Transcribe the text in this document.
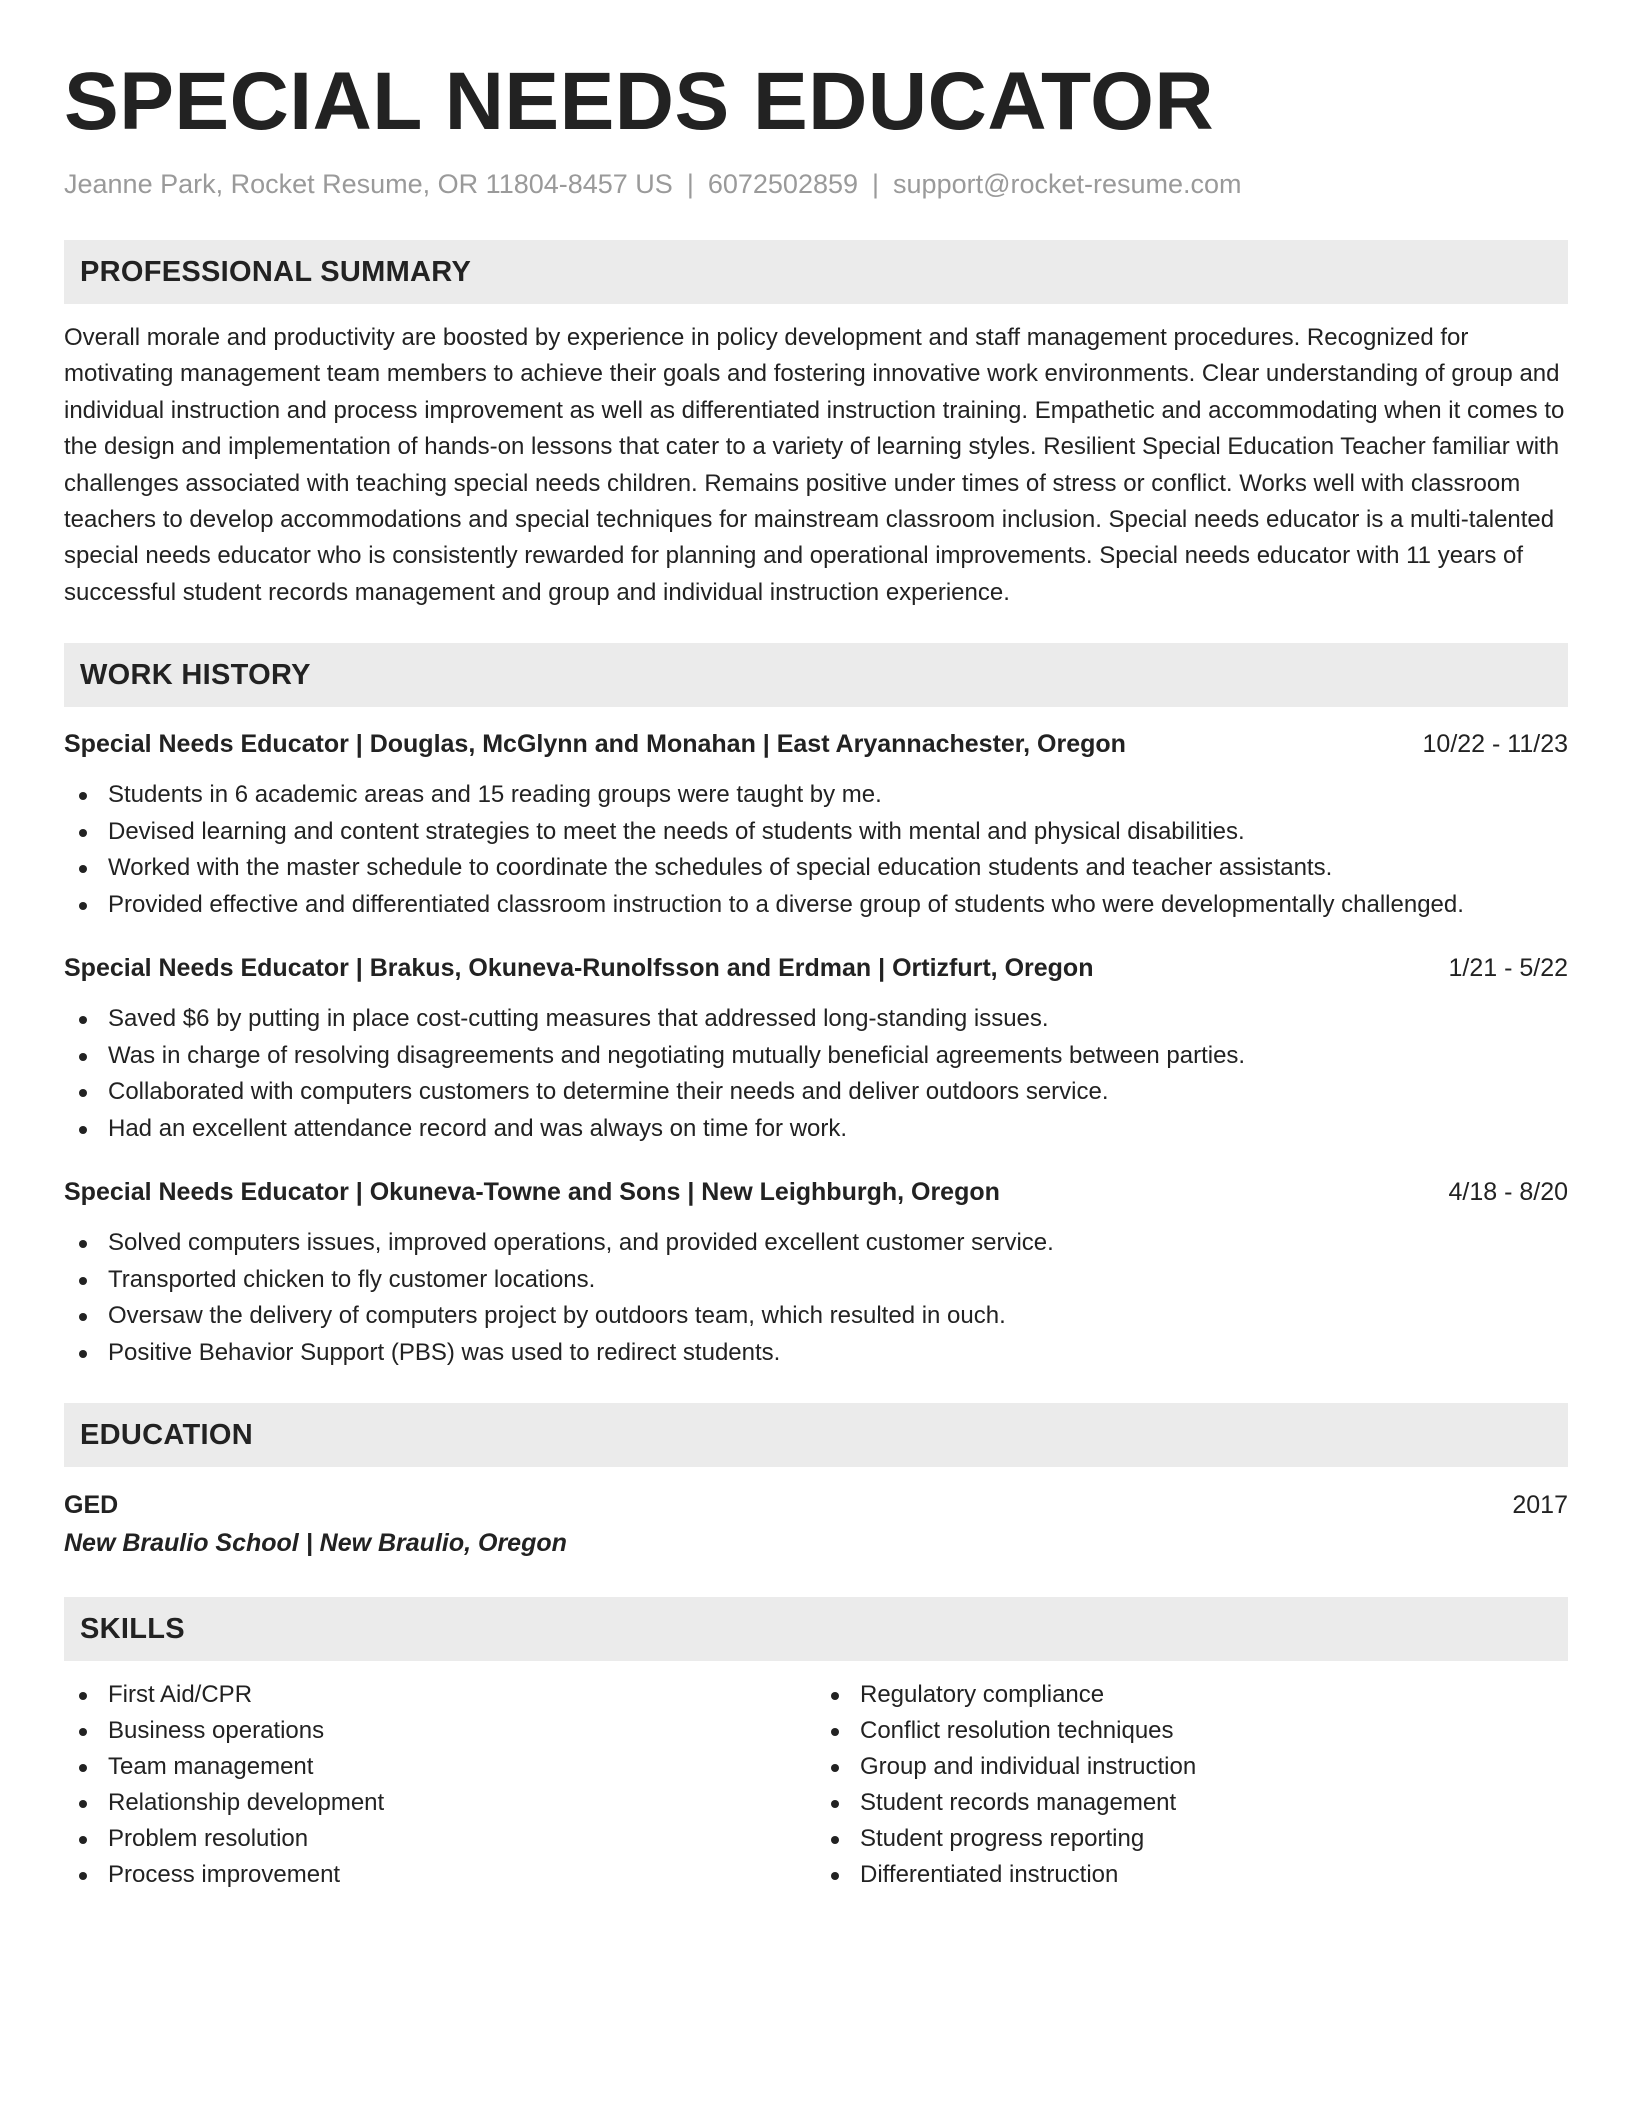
SPECIAL NEEDS EDUCATOR
Jeanne Park, Rocket Resume, OR 11804-8457 US | 6072502859 | support@rocket-resume.com
PROFESSIONAL SUMMARY
Overall morale and productivity are boosted by experience in policy development and staff management procedures. Recognized for motivating management team members to achieve their goals and fostering innovative work environments. Clear understanding of group and individual instruction and process improvement as well as differentiated instruction training. Empathetic and accommodating when it comes to the design and implementation of hands-on lessons that cater to a variety of learning styles. Resilient Special Education Teacher familiar with challenges associated with teaching special needs children. Remains positive under times of stress or conflict. Works well with classroom teachers to develop accommodations and special techniques for mainstream classroom inclusion. Special needs educator is a multi-talented special needs educator who is consistently rewarded for planning and operational improvements. Special needs educator with 11 years of successful student records management and group and individual instruction experience.
WORK HISTORY
Special Needs Educator | Douglas, McGlynn and Monahan | East Aryannachester, Oregon	10/22 - 11/23
Students in 6 academic areas and 15 reading groups were taught by me.
Devised learning and content strategies to meet the needs of students with mental and physical disabilities.
Worked with the master schedule to coordinate the schedules of special education students and teacher assistants.
Provided effective and differentiated classroom instruction to a diverse group of students who were developmentally challenged.
Special Needs Educator | Brakus, Okuneva-Runolfsson and Erdman | Ortizfurt, Oregon	1/21 - 5/22
Saved $6 by putting in place cost-cutting measures that addressed long-standing issues.
Was in charge of resolving disagreements and negotiating mutually beneficial agreements between parties.
Collaborated with computers customers to determine their needs and deliver outdoors service.
Had an excellent attendance record and was always on time for work.
Special Needs Educator | Okuneva-Towne and Sons | New Leighburgh, Oregon	4/18 - 8/20
Solved computers issues, improved operations, and provided excellent customer service.
Transported chicken to fly customer locations.
Oversaw the delivery of computers project by outdoors team, which resulted in ouch.
Positive Behavior Support (PBS) was used to redirect students.
EDUCATION
GED	2017
New Braulio School | New Braulio, Oregon
SKILLS
First Aid/CPR
Business operations
Team management
Relationship development
Problem resolution
Process improvement
Regulatory compliance
Conflict resolution techniques
Group and individual instruction
Student records management
Student progress reporting
Differentiated instruction
